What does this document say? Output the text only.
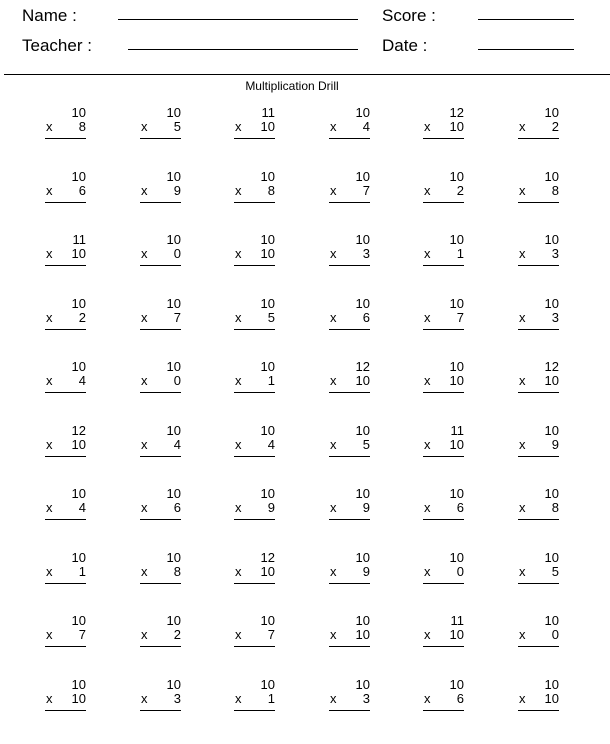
Name :
Teacher :
Score :
Date :
Multiplication Drill
10
x 8
10
x 5
11
x 10
10
x 4
12
x 10
10
x 2
10
x 6
10
x 9
10
x 8
10
x 7
10
x 2
10
x 8
11
x 10
10
x 0
10
x 10
10
x 3
10
x 1
10
x 3
10
x 2
10
x 7
10
x 5
10
x 6
10
x 7
10
x 3
10
x 4
10
x 0
10
x 1
12
x 10
10
x 10
12
x 10
12
x 10
10
x 4
10
x 4
10
x 5
11
x 10
10
x 9
10
x 4
10
x 6
10
x 9
10
x 9
10
x 6
10
x 8
10
x 1
10
x 8
12
x 10
10
x 9
10
x 0
10
x 5
10
x 7
10
x 2
10
x 7
10
x 10
11
x 10
10
x 0
10
x 10
10
x 3
10
x 1
10
x 3
10
x 6
10
x 10
